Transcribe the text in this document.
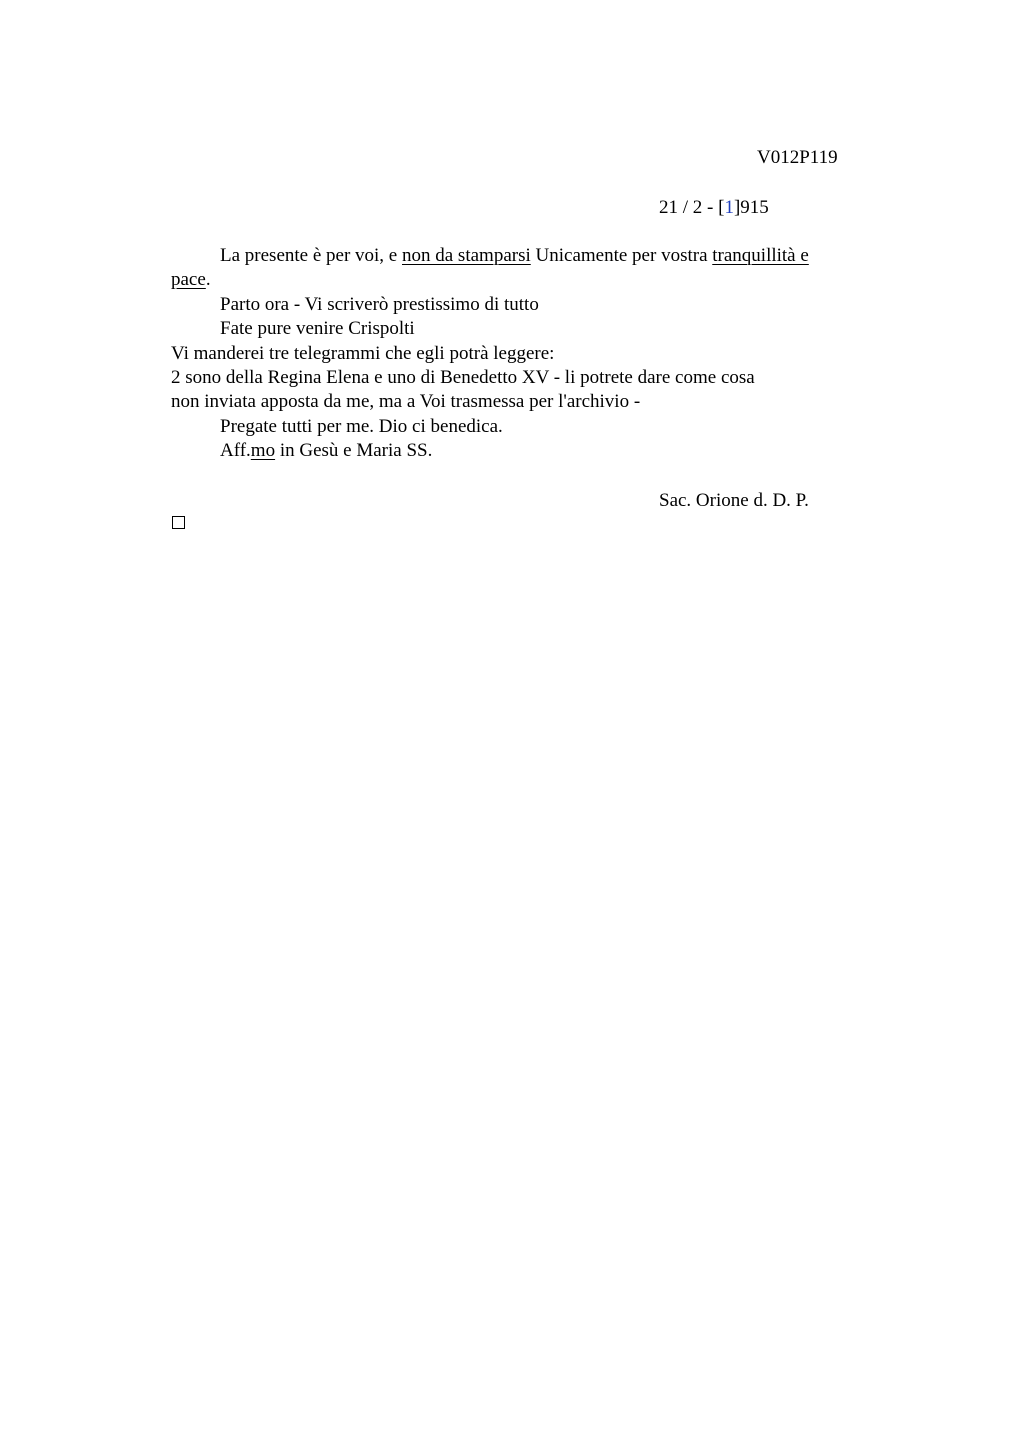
V012P119
21 / 2 - [1]915
La presente è per voi, e non da stamparsi Unicamente per vostra tranquillità e
pace.
Parto ora - Vi scriverò prestissimo di tutto
Fate pure venire Crispolti
Vi manderei tre telegrammi che egli potrà leggere:
2 sono della Regina Elena e uno di Benedetto XV - li potrete dare come cosa
non inviata apposta da me, ma a Voi trasmessa per l'archivio -
Pregate tutti per me. Dio ci benedica.
Aff.mo in Gesù e Maria SS.
Sac. Orione d. D. P.
